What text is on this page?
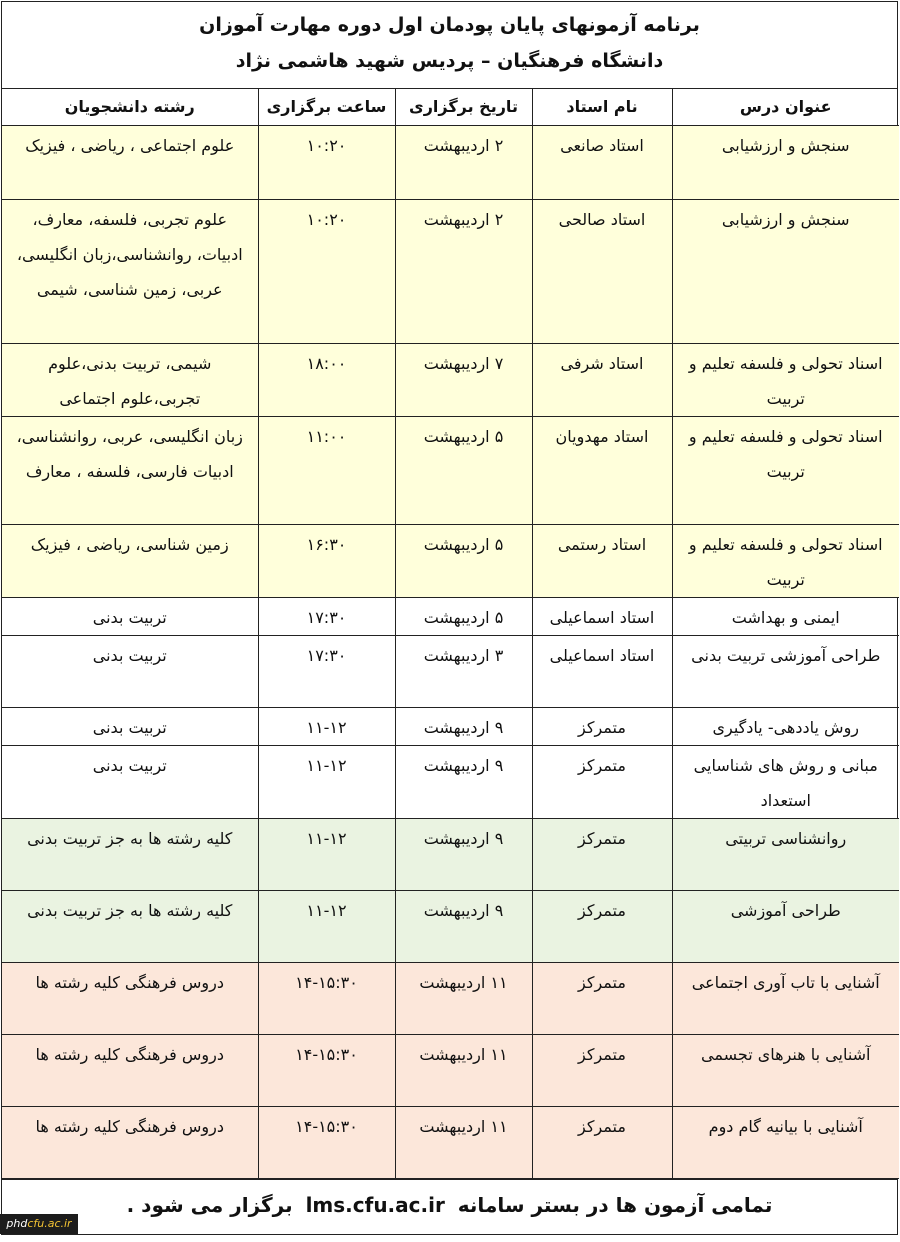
برنامه آزمونهای پایان پودمان اول دوره مهارت آموزان
دانشگاه فرهنگیان – پردیس شهید هاشمی نژاد
عنوان درس	نام استاد	تاریخ برگزاری	ساعت برگزاری	رشته دانشجویان
سنجش و ارزشیابی	استاد صانعی	۲ اردیبهشت	۱۰:۲۰	علوم اجتماعی ، ریاضی ، فیزیک
سنجش و ارزشیابی	استاد صالحی	۲ اردیبهشت	۱۰:۲۰	علوم تجربی، فلسفه، معارف، ادبیات، روانشناسی،زبان انگلیسی، عربی، زمین شناسی، شیمی
اسناد تحولی و فلسفه تعلیم و تربیت	استاد شرفی	۷ اردیبهشت	۱۸:۰۰	شیمی، تربیت بدنی،علوم تجربی،علوم اجتماعی
اسناد تحولی و فلسفه تعلیم و تربیت	استاد مهدویان	۵ اردیبهشت	۱۱:۰۰	زبان انگلیسی، عربی، روانشناسی، ادبیات فارسی، فلسفه ، معارف
اسناد تحولی و فلسفه تعلیم و تربیت	استاد رستمی	۵ اردیبهشت	۱۶:۳۰	زمین شناسی، ریاضی ، فیزیک
ایمنی و بهداشت	استاد اسماعیلی	۵ اردیبهشت	۱۷:۳۰	تربیت بدنی
طراحی آموزشی تربیت بدنی	استاد اسماعیلی	۳ اردیبهشت	۱۷:۳۰	تربیت بدنی
روش یاددهی- یادگیری	متمرکز	۹ اردیبهشت	۱۱-۱۲	تربیت بدنی
مبانی و روش های شناسایی استعداد	متمرکز	۹ اردیبهشت	۱۱-۱۲	تربیت بدنی
روانشناسی تربیتی	متمرکز	۹ اردیبهشت	۱۱-۱۲	کلیه رشته ها به جز تربیت بدنی
طراحی آموزشی	متمرکز	۹ اردیبهشت	۱۱-۱۲	کلیه رشته ها به جز تربیت بدنی
آشنایی با تاب آوری اجتماعی	متمرکز	۱۱ اردیبهشت	۱۴-۱۵:۳۰	دروس فرهنگی کلیه رشته ها
آشنایی با هنرهای تجسمی	متمرکز	۱۱ اردیبهشت	۱۴-۱۵:۳۰	دروس فرهنگی کلیه رشته ها
آشنایی با بیانیه گام دوم	متمرکز	۱۱ اردیبهشت	۱۴-۱۵:۳۰	دروس فرهنگی کلیه رشته ها
تمامی آزمون ها در بستر سامانه lms.cfu.ac.ir برگزار می شود .
phdcfu.ac.ir
